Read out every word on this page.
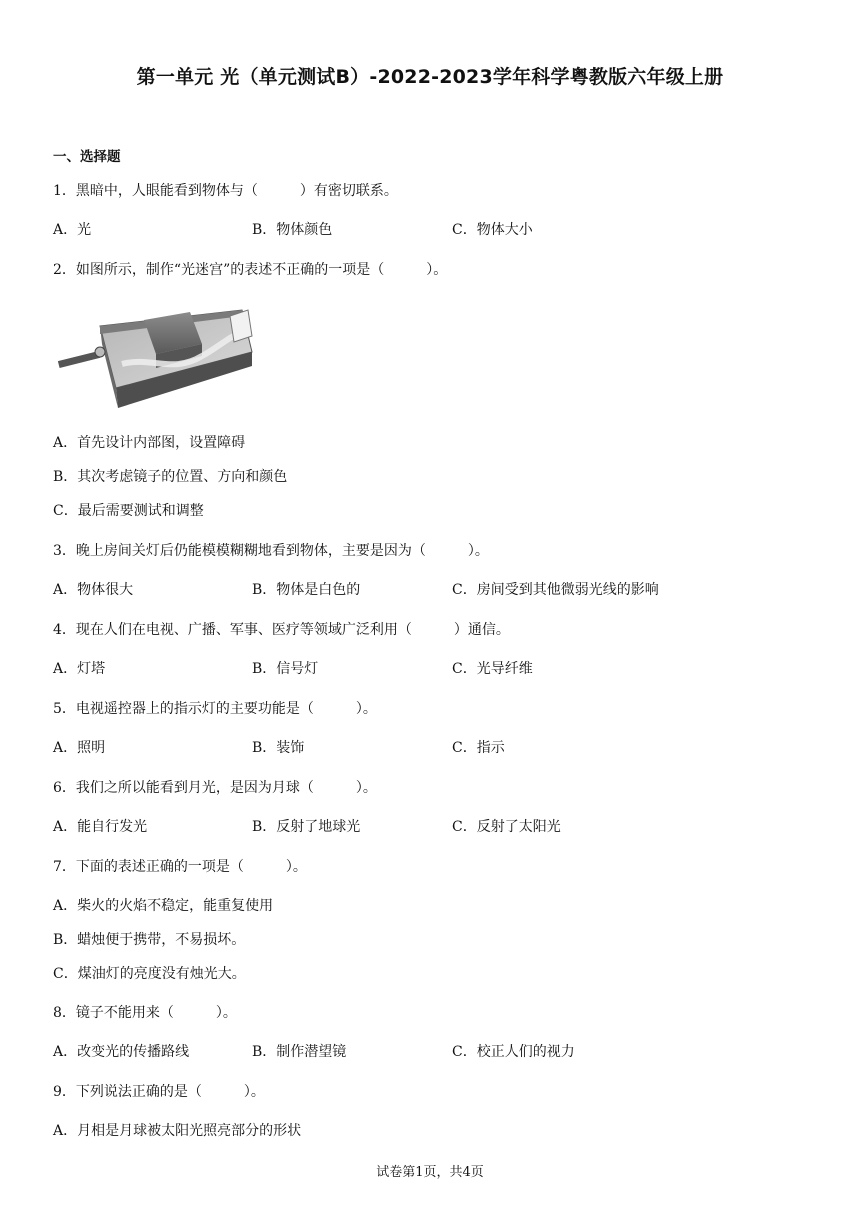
第一单元 光（单元测试B）-2022-2023学年科学粤教版六年级上册
一、选择题
1．黑暗中，人眼能看到物体与（　　　）有密切联系。
A．光	B．物体颜色	C．物体大小
2．如图所示，制作“光迷宫”的表述不正确的一项是（　　　）。
A．首先设计内部图，设置障碍
B．其次考虑镜子的位置、方向和颜色
C．最后需要测试和调整
3．晚上房间关灯后仍能模模糊糊地看到物体，主要是因为（　　　）。
A．物体很大	B．物体是白色的	C．房间受到其他微弱光线的影响
4．现在人们在电视、广播、军事、医疗等领域广泛利用（　　　）通信。
A．灯塔	B．信号灯	C．光导纤维
5．电视遥控器上的指示灯的主要功能是（　　　）。
A．照明	B．装饰	C．指示
6．我们之所以能看到月光，是因为月球（　　　）。
A．能自行发光	B．反射了地球光	C．反射了太阳光
7．下面的表述正确的一项是（　　　）。
A．柴火的火焰不稳定，能重复使用
B．蜡烛便于携带，不易损坏。
C．煤油灯的亮度没有烛光大。
8．镜子不能用来（　　　）。
A．改变光的传播路线	B．制作潜望镜	C．校正人们的视力
9．下列说法正确的是（　　　）。
A．月相是月球被太阳光照亮部分的形状
试卷第1页，共4页
